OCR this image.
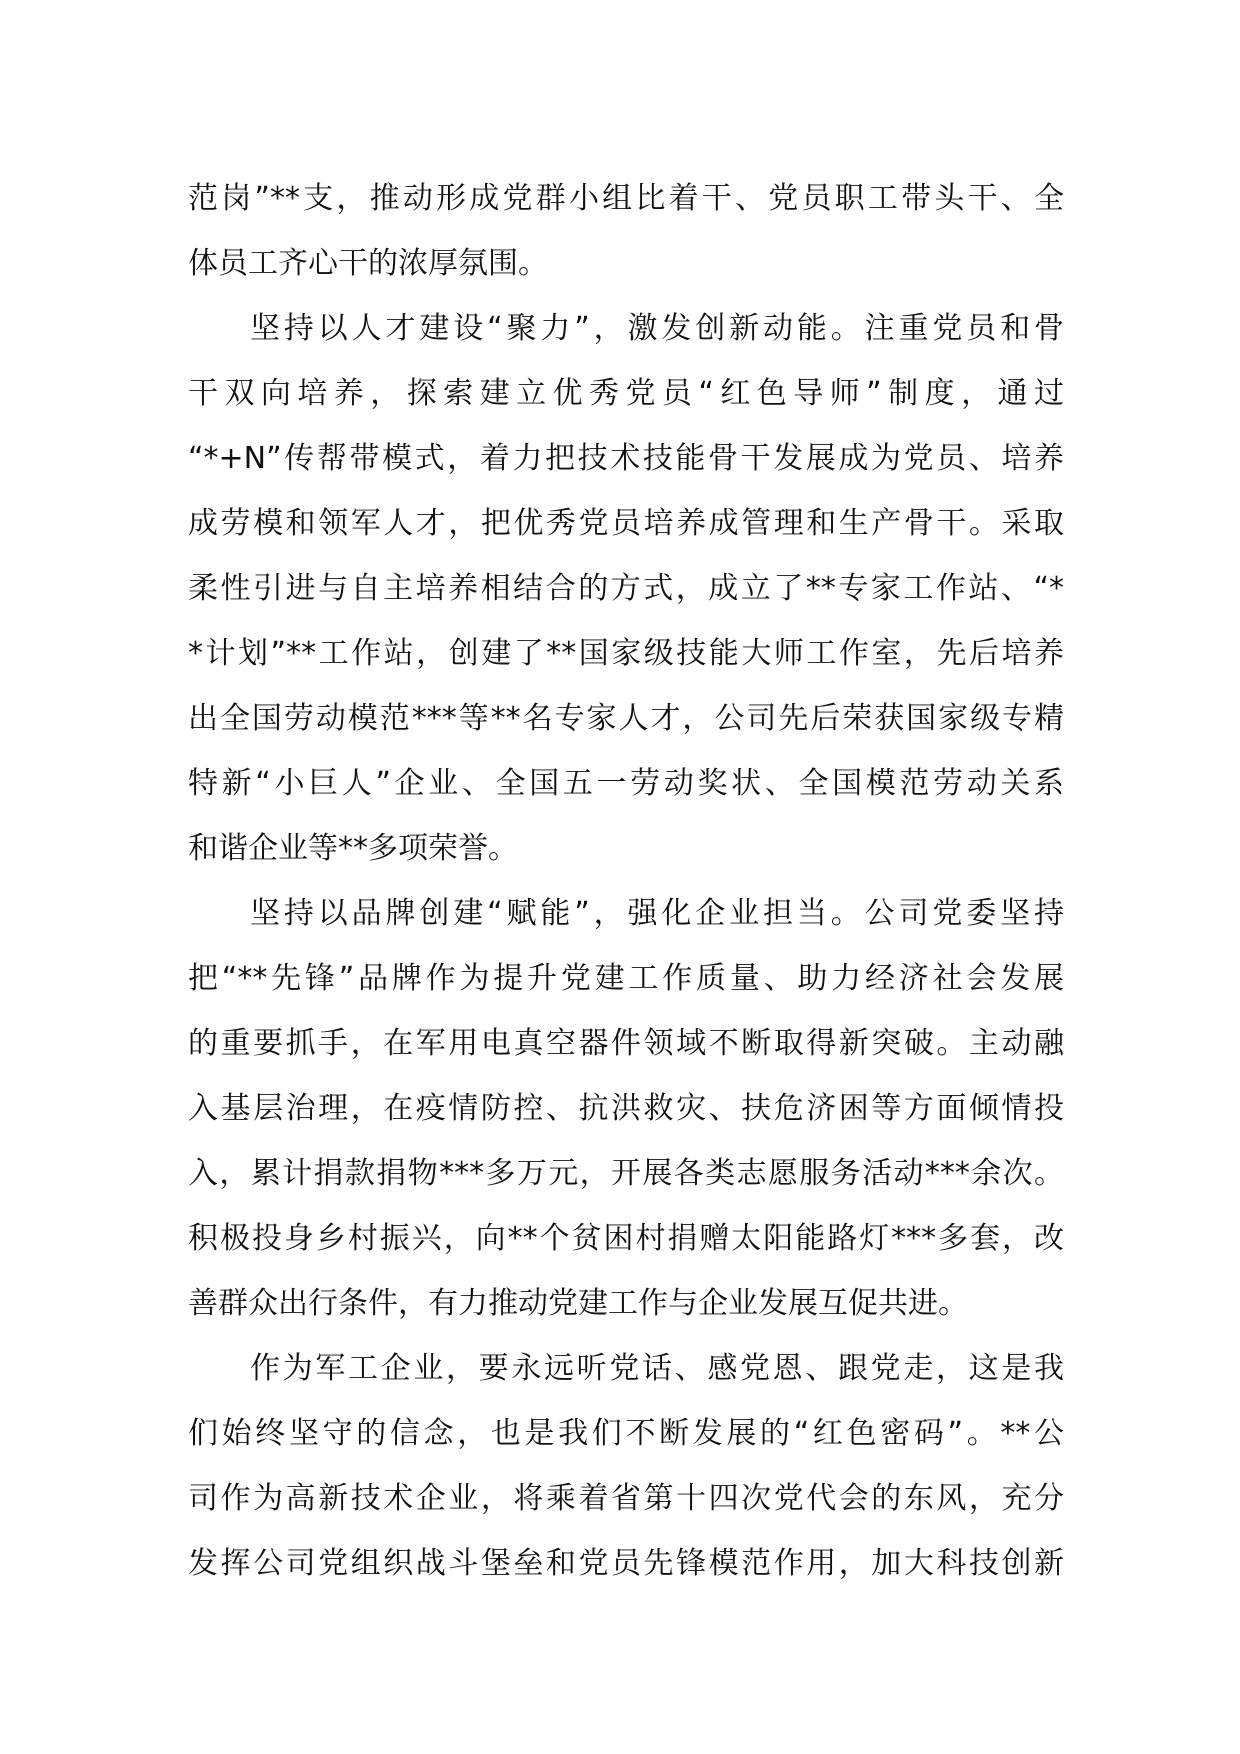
范岗”**支，推动形成党群小组比着干、党员职工带头干、全
体员工齐心干的浓厚氛围。
坚持以人才建设“聚力”，激发创新动能。注重党员和骨
干双向培养，探索建立优秀党员“红色导师”制度，通过
“*+N”传帮带模式，着力把技术技能骨干发展成为党员、培养
成劳模和领军人才，把优秀党员培养成管理和生产骨干。采取
柔性引进与自主培养相结合的方式，成立了**专家工作站、“*
*计划”**工作站，创建了**国家级技能大师工作室，先后培养
出全国劳动模范***等**名专家人才，公司先后荣获国家级专精
特新“小巨人”企业、全国五一劳动奖状、全国模范劳动关系
和谐企业等**多项荣誉。
坚持以品牌创建“赋能”，强化企业担当。公司党委坚持
把“**先锋”品牌作为提升党建工作质量、助力经济社会发展
的重要抓手，在军用电真空器件领域不断取得新突破。主动融
入基层治理，在疫情防控、抗洪救灾、扶危济困等方面倾情投
入，累计捐款捐物***多万元，开展各类志愿服务活动***余次。
积极投身乡村振兴，向**个贫困村捐赠太阳能路灯***多套，改
善群众出行条件，有力推动党建工作与企业发展互促共进。
作为军工企业，要永远听党话、感党恩、跟党走，这是我
们始终坚守的信念，也是我们不断发展的“红色密码”。**公
司作为高新技术企业，将乘着省第十四次党代会的东风，充分
发挥公司党组织战斗堡垒和党员先锋模范作用，加大科技创新
